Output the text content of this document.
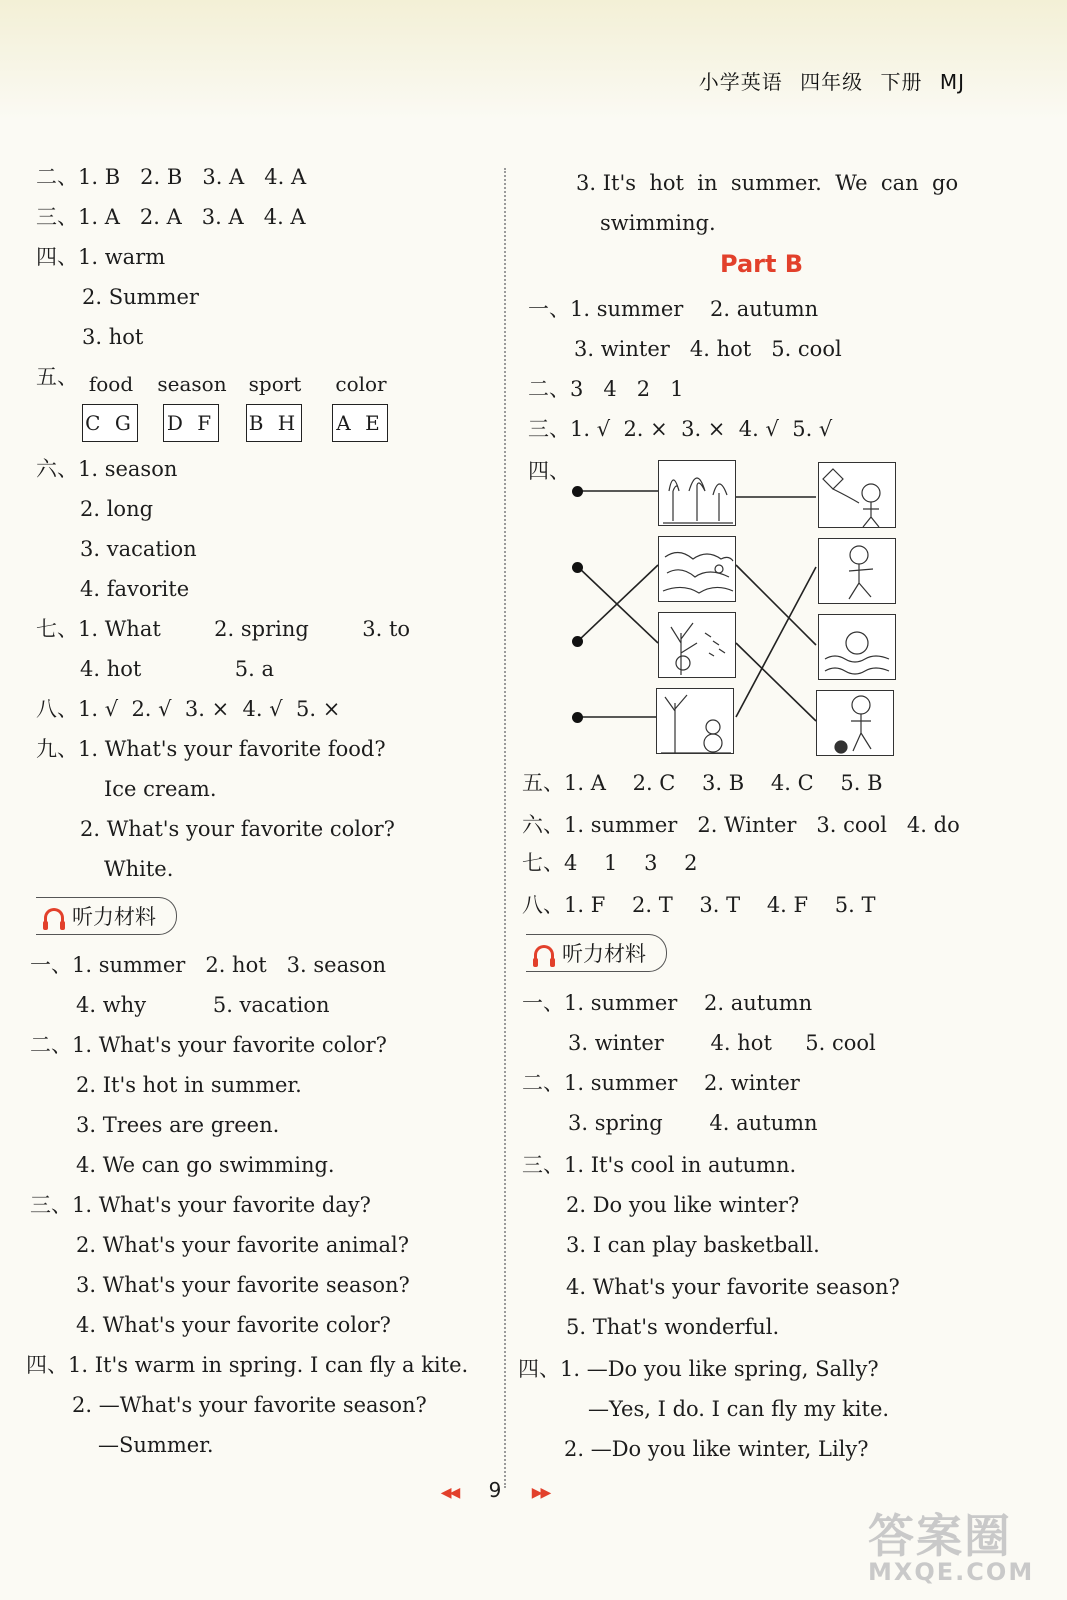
小学英语 四年级 下册 MJ
二、1. B   2. B   3. A   4. A
三、1. A   2. A   3. A   4. A
四、1. warm
2. Summer
3. hot
五、 food
C G
season
D F
sport
B H
color
A E
六、1. season
2. long
3. vacation
4. favorite
七、1. What        2. spring        3. to
4. hot              5. a
八、1. √  2. √  3. ×  4. √  5. ×
九、1. What's your favorite food?
Ice cream.
2. What's your favorite color?
White.
听力材料
一、1. summer   2. hot   3. season
4. why          5. vacation
二、1. What's your favorite color?
2. It's hot in summer.
3. Trees are green.
4. We can go swimming.
三、1. What's your favorite day?
2. What's your favorite animal?
3. What's your favorite season?
4. What's your favorite color?
四、1. It's warm in spring. I can fly a kite.
2. —What's your favorite season?
—Summer.
3. It's  hot  in  summer.  We  can  go
swimming.
Part B
一、1. summer    2. autumn
3. winter   4. hot   5. cool
二、3   4   2   1
三、1. √  2. ×  3. ×  4. √  5. √
四、
五、1. A    2. C    3. B    4. C    5. B
六、1. summer   2. Winter   3. cool   4. do
七、4    1    3    2
八、1. F    2. T    3. T    4. F    5. T
听力材料
一、1. summer    2. autumn
3. winter       4. hot     5. cool
二、1. summer    2. winter
3. spring       4. autumn
三、1. It's cool in autumn.
2. Do you like winter?
3. I can play basketball.
4. What's your favorite season?
5. That's wonderful.
四、1. —Do you like spring, Sally?
—Yes, I do. I can fly my kite.
2. —Do you like winter, Lily?
◀◀ 9 ▶▶
答案圈
MXQE.COM
